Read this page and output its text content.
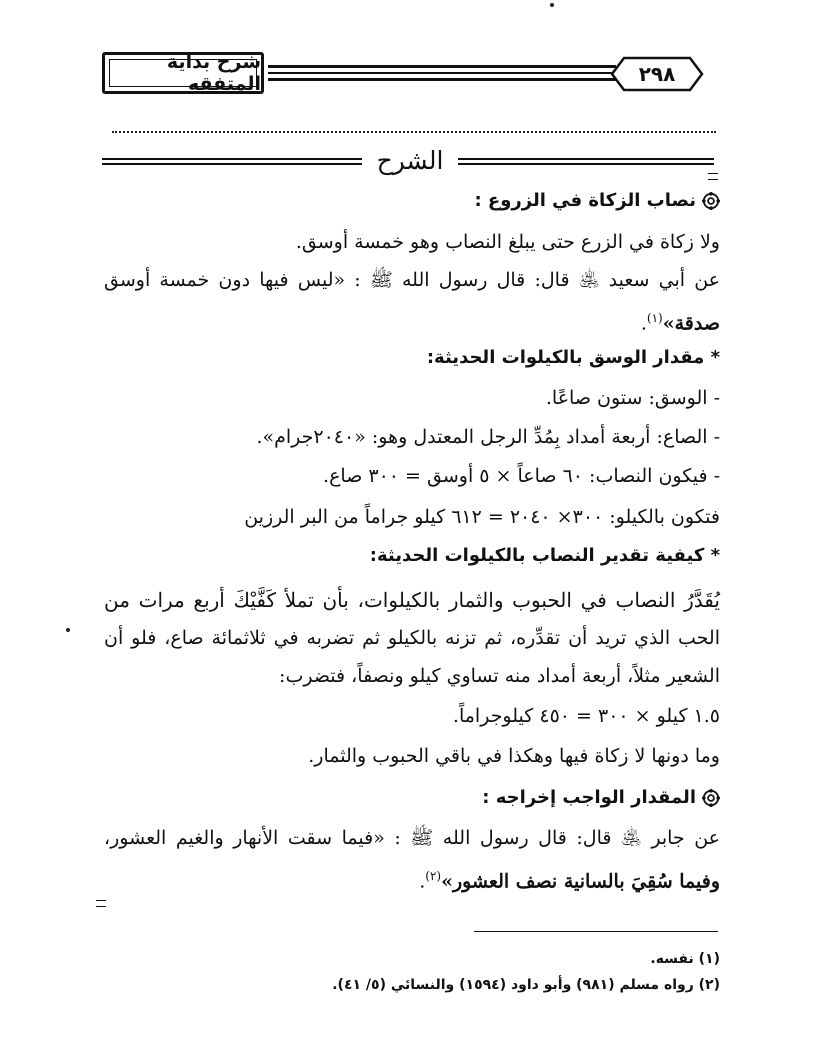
شرح بداية المتفقه	٢٩٨
الشرح
نصاب الزكاة في الزروع :
ولا زكاة في الزرع حتى يبلغ النصاب وهو خمسة أوسق.
عن أبي سعيد ﵁ قال: قال رسول الله ﷺ : «ليس فيها دون خمسة أوسق
صدقة»$^{(١)}$.
* مقدار الوسق بالكيلوات الحديثة:
- الوسق: ستون صاعًا.
- الصاع: أربعة أمداد بِمُدِّ الرجل المعتدل وهو: «٢٠٤٠جرام».
- فيكون النصاب: ٦٠ صاعاً × ٥ أوسق = ٣٠٠ صاع.
فتكون بالكيلو: ٣٠٠× ٢٠٤٠ = ٦١٢ كيلو جراماً من البر الرزين
* كيفية تقدير النصاب بالكيلوات الحديثة:
يُقَدَّرُ النصاب في الحبوب والثمار بالكيلوات، بأن تملأ كَفَّيْكَ أربع مرات من
الحب الذي تريد أن تقدِّره، ثم تزنه بالكيلو ثم تضربه في ثلاثمائة صاع، فلو أن
الشعير مثلاً، أربعة أمداد منه تساوي كيلو ونصفاً، فتضرب:
١.٥ كيلو × ٣٠٠ = ٤٥٠ كيلوجراماً.
وما دونها لا زكاة فيها وهكذا في باقي الحبوب والثمار.
المقدار الواجب إخراجه :
عن جابر ﵁ قال: قال رسول الله ﷺ : «فيما سقت الأنهار والغيم العشور،
وفيما سُقِيَ بالسانية نصف العشور»$^{(٢)}$.
(١) نفسه.
(٢) رواه مسلم (٩٨١) وأبو داود (١٥٩٤) والنسائي (٥/ ٤١).
